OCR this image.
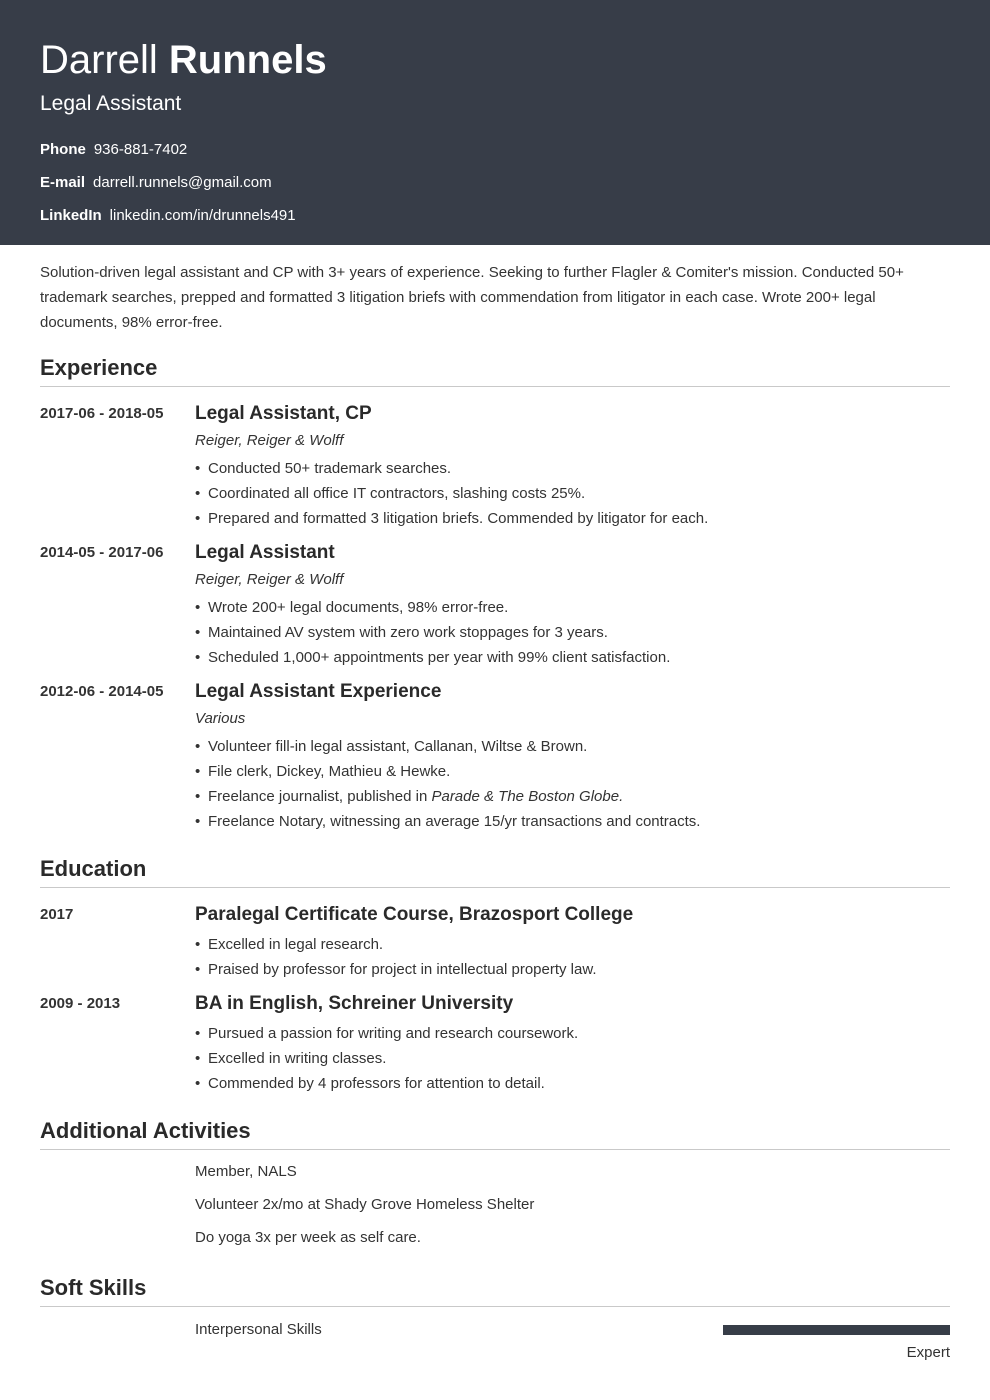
Darrell Runnels
Legal Assistant
Phone 936-881-7402
E-mail darrell.runnels@gmail.com
LinkedIn linkedin.com/in/drunnels491
Solution-driven legal assistant and CP with 3+ years of experience. Seeking to further Flagler & Comiter's mission. Conducted 50+ trademark searches, prepped and formatted 3 litigation briefs with commendation from litigator in each case. Wrote 200+ legal documents, 98% error-free.
Experience
2017-06 - 2018-05 Legal Assistant, CP
Reiger, Reiger & Wolff
• Conducted 50+ trademark searches.
• Coordinated all office IT contractors, slashing costs 25%.
• Prepared and formatted 3 litigation briefs. Commended by litigator for each.
2014-05 - 2017-06 Legal Assistant
Reiger, Reiger & Wolff
• Wrote 200+ legal documents, 98% error-free.
• Maintained AV system with zero work stoppages for 3 years.
• Scheduled 1,000+ appointments per year with 99% client satisfaction.
2012-06 - 2014-05 Legal Assistant Experience
Various
• Volunteer fill-in legal assistant, Callanan, Wiltse & Brown.
• File clerk, Dickey, Mathieu & Hewke.
• Freelance journalist, published in Parade & The Boston Globe.
• Freelance Notary, witnessing an average 15/yr transactions and contracts.
Education
2017	Paralegal Certificate Course, Brazosport College
• Excelled in legal research.
• Praised by professor for project in intellectual property law.
2009 - 2013	BA in English, Schreiner University
• Pursued a passion for writing and research coursework.
• Excelled in writing classes.
• Commended by 4 professors for attention to detail.
Additional Activities
Member, NALS
Volunteer 2x/mo at Shady Grove Homeless Shelter
Do yoga 3x per week as self care.
Soft Skills
Interpersonal Skills
Expert
